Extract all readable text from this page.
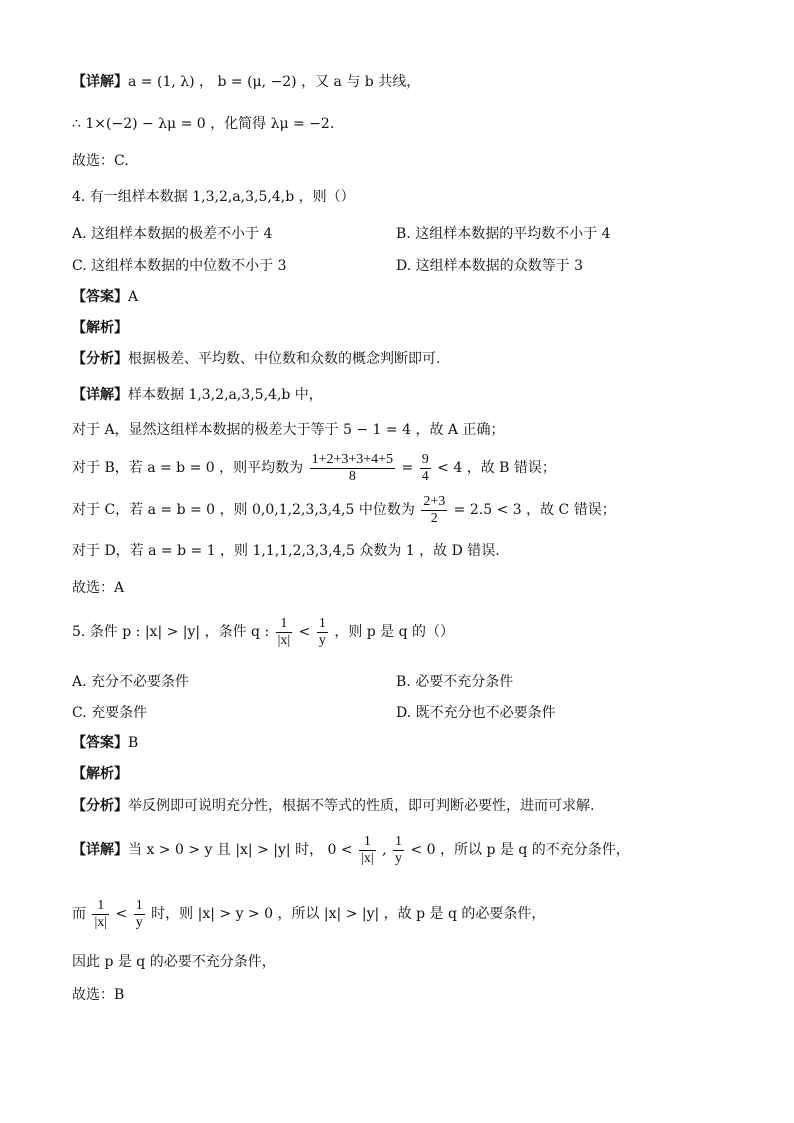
【详解】a = (1, λ) ， b = (μ, −2) ，又 a 与 b 共线，
∴ 1×(−2) − λμ = 0 ，化简得 λμ = −2.
故选：C.
4. 有一组样本数据 1,3,2,a,3,5,4,b ，则（）
A. 这组样本数据的极差不小于 4	B. 这组样本数据的平均数不小于 4
C. 这组样本数据的中位数不小于 3	D. 这组样本数据的众数等于 3
【答案】A
【解析】
【分析】根据极差、平均数、中位数和众数的概念判断即可.
【详解】样本数据 1,3,2,a,3,5,4,b 中，
对于 A，显然这组样本数据的极差大于等于 5 − 1 = 4 ，故 A 正确；
对于 B，若 a = b = 0 ，则平均数为 $\frac{1+2+3+3+4+5}{8} = \frac{9}{4} < 4$ ，故 B 错误；
对于 C，若 a = b = 0 ，则 0,0,1,2,3,3,4,5 中位数为 $\frac{2+3}{2} = 2.5 < 3$ ，故 C 错误；
对于 D，若 a = b = 1 ，则 1,1,1,2,3,3,4,5 众数为 1 ，故 D 错误.
故选：A
5. 条件 p : |x| > |y| ，条件 q : $\frac{1}{|x|} < \frac{1}{y}$ ，则 p 是 q 的（）
A. 充分不必要条件	B. 必要不充分条件
C. 充要条件	D. 既不充分也不必要条件
【答案】B
【解析】
【分析】举反例即可说明充分性，根据不等式的性质，即可判断必要性，进而可求解.
【详解】当 x > 0 > y 且 |x| > |y| 时， $0 < \frac{1}{|x|}$ , $\frac{1}{y} < 0$ ，所以 p 是 q 的不充分条件，
而 $\frac{1}{|x|} < \frac{1}{y}$ 时，则 |x| > y > 0 ，所以 |x| > |y| ，故 p 是 q 的必要条件，
因此 p 是 q 的必要不充分条件，
故选：B
